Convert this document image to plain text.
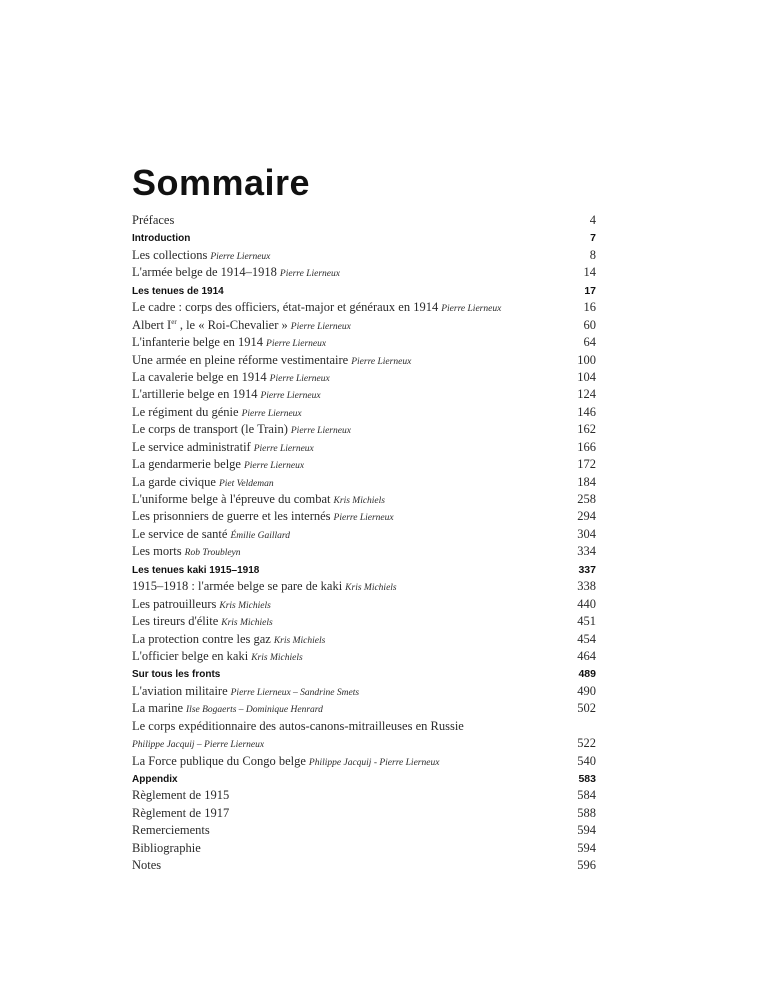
Sommaire
Préfaces	4
Introduction	7
Les collections Pierre Lierneux	8
L'armée belge de 1914–1918 Pierre Lierneux	14
Les tenues de 1914	17
Le cadre : corps des officiers, état-major et généraux en 1914 Pierre Lierneux	16
Albert Ier , le « Roi-Chevalier » Pierre Lierneux	60
L'infanterie belge en 1914 Pierre Lierneux	64
Une armée en pleine réforme vestimentaire Pierre Lierneux	100
La cavalerie belge en 1914 Pierre Lierneux	104
L'artillerie belge en 1914 Pierre Lierneux	124
Le régiment du génie Pierre Lierneux	146
Le corps de transport (le Train) Pierre Lierneux	162
Le service administratif Pierre Lierneux	166
La gendarmerie belge Pierre Lierneux	172
La garde civique Piet Veldeman	184
L'uniforme belge à l'épreuve du combat Kris Michiels	258
Les prisonniers de guerre et les internés Pierre Lierneux	294
Le service de santé Émilie Gaillard	304
Les morts Rob Troubleyn	334
Les tenues kaki 1915–1918	337
1915–1918 : l'armée belge se pare de kaki Kris Michiels	338
Les patrouilleurs Kris Michiels	440
Les tireurs d'élite Kris Michiels	451
La protection contre les gaz Kris Michiels	454
L'officier belge en kaki Kris Michiels	464
Sur tous les fronts	489
L'aviation militaire Pierre Lierneux – Sandrine Smets	490
La marine Ilse Bogaerts – Dominique Henrard	502
Le corps expéditionnaire des autos-canons-mitrailleuses en Russie
Philippe Jacquij – Pierre Lierneux	522
La Force publique du Congo belge Philippe Jacquij - Pierre Lierneux	540
Appendix	583
Règlement de 1915	584
Règlement de 1917	588
Remerciements	594
Bibliographie	594
Notes	596
